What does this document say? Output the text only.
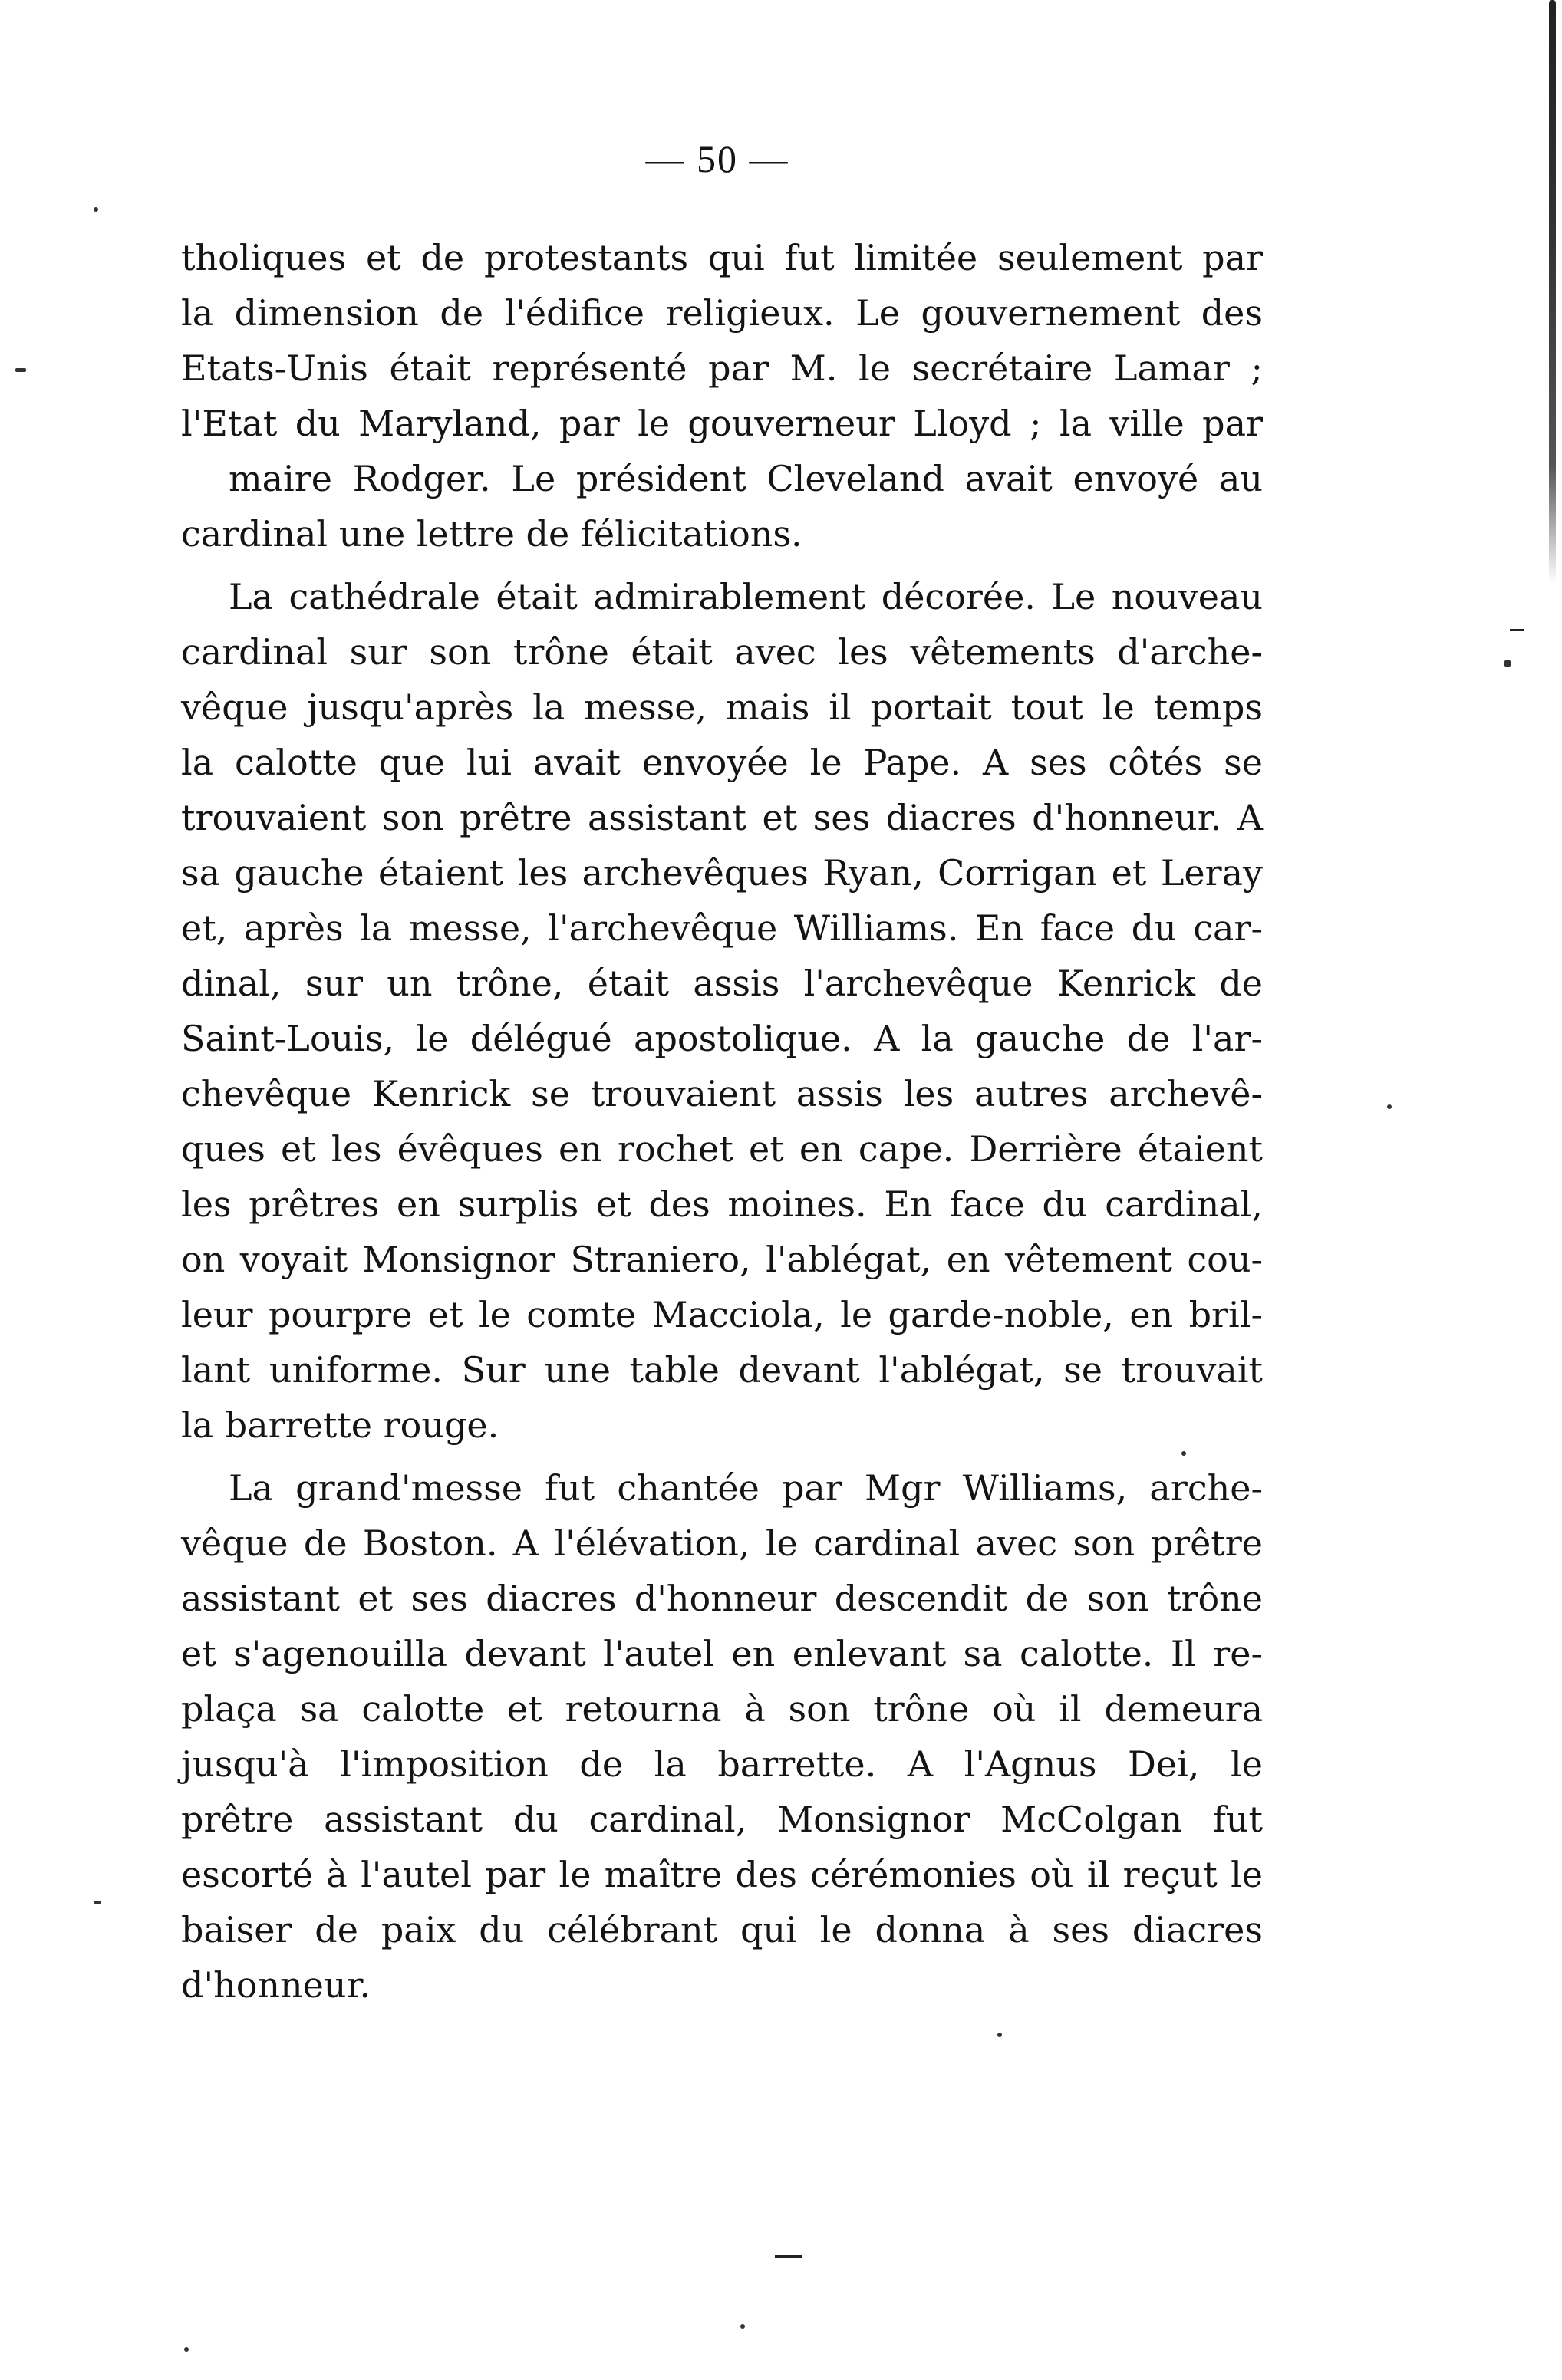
— 50 —
tholiques et de protestants qui fut limitée seulement par
la dimension de l'édifice religieux. Le gouvernement des
Etats-Unis était représenté par M. le secrétaire Lamar ;
l'Etat du Maryland, par le gouverneur Lloyd ; la ville par
maire Rodger. Le président Cleveland avait envoyé au
cardinal une lettre de félicitations.
La cathédrale était admirablement décorée. Le nouveau
cardinal sur son trône était avec les vêtements d'arche-
vêque jusqu'après la messe, mais il portait tout le temps
la calotte que lui avait envoyée le Pape. A ses côtés se
trouvaient son prêtre assistant et ses diacres d'honneur. A
sa gauche étaient les archevêques Ryan, Corrigan et Leray
et, après la messe, l'archevêque Williams. En face du car-
dinal, sur un trône, était assis l'archevêque Kenrick de
Saint-Louis, le délégué apostolique. A la gauche de l'ar-
chevêque Kenrick se trouvaient assis les autres archevê-
ques et les évêques en rochet et en cape. Derrière étaient
les prêtres en surplis et des moines. En face du cardinal,
on voyait Monsignor Straniero, l'ablégat, en vêtement cou-
leur pourpre et le comte Macciola, le garde-noble, en bril-
lant uniforme. Sur une table devant l'ablégat, se trouvait
la barrette rouge.
La grand'messe fut chantée par Mgr Williams, arche-
vêque de Boston. A l'élévation, le cardinal avec son prêtre
assistant et ses diacres d'honneur descendit de son trône
et s'agenouilla devant l'autel en enlevant sa calotte. Il re-
plaça sa calotte et retourna à son trône où il demeura
jusqu'à l'imposition de la barrette. A l'Agnus Dei, le
prêtre assistant du cardinal, Monsignor McColgan fut
escorté à l'autel par le maître des cérémonies où il reçut le
baiser de paix du célébrant qui le donna à ses diacres
d'honneur.
